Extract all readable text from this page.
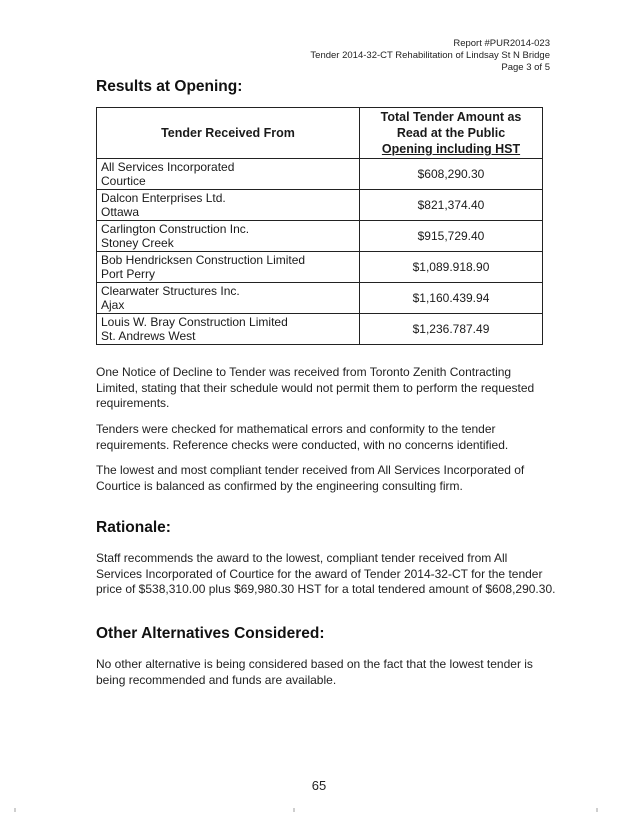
Report #PUR2014-023
Tender 2014-32-CT Rehabilitation of Lindsay St N Bridge
Page 3 of 5
Results at Opening:
Tender Received From	Total Tender Amount as
Read at the Public
Opening including HST

All Services Incorporated
Courtice	$608,290.30

Dalcon Enterprises Ltd.
Ottawa	$821,374.40

Carlington Construction Inc.
Stoney Creek	$915,729.40

Bob Hendricksen Construction Limited
Port Perry	$1,089.918.90

Clearwater Structures Inc.
Ajax	$1,160.439.94

Louis W. Bray Construction Limited
St. Andrews West	$1,236.787.49

One Notice of Decline to Tender was received from Toronto Zenith Contracting Limited, stating that their schedule would not permit them to perform the requested requirements.

Tenders were checked for mathematical errors and conformity to the tender requirements. Reference checks were conducted, with no concerns identified.

The lowest and most compliant tender received from All Services Incorporated of Courtice is balanced as confirmed by the engineering consulting firm.

Rationale:

Staff recommends the award to the lowest, compliant tender received from All Services Incorporated of Courtice for the award of Tender 2014-32-CT for the tender price of $538,310.00 plus $69,980.30 HST for a total tendered amount of $608,290.30.

Other Alternatives Considered:

No other alternative is being considered based on the fact that the lowest tender is being recommended and funds are available.

65
